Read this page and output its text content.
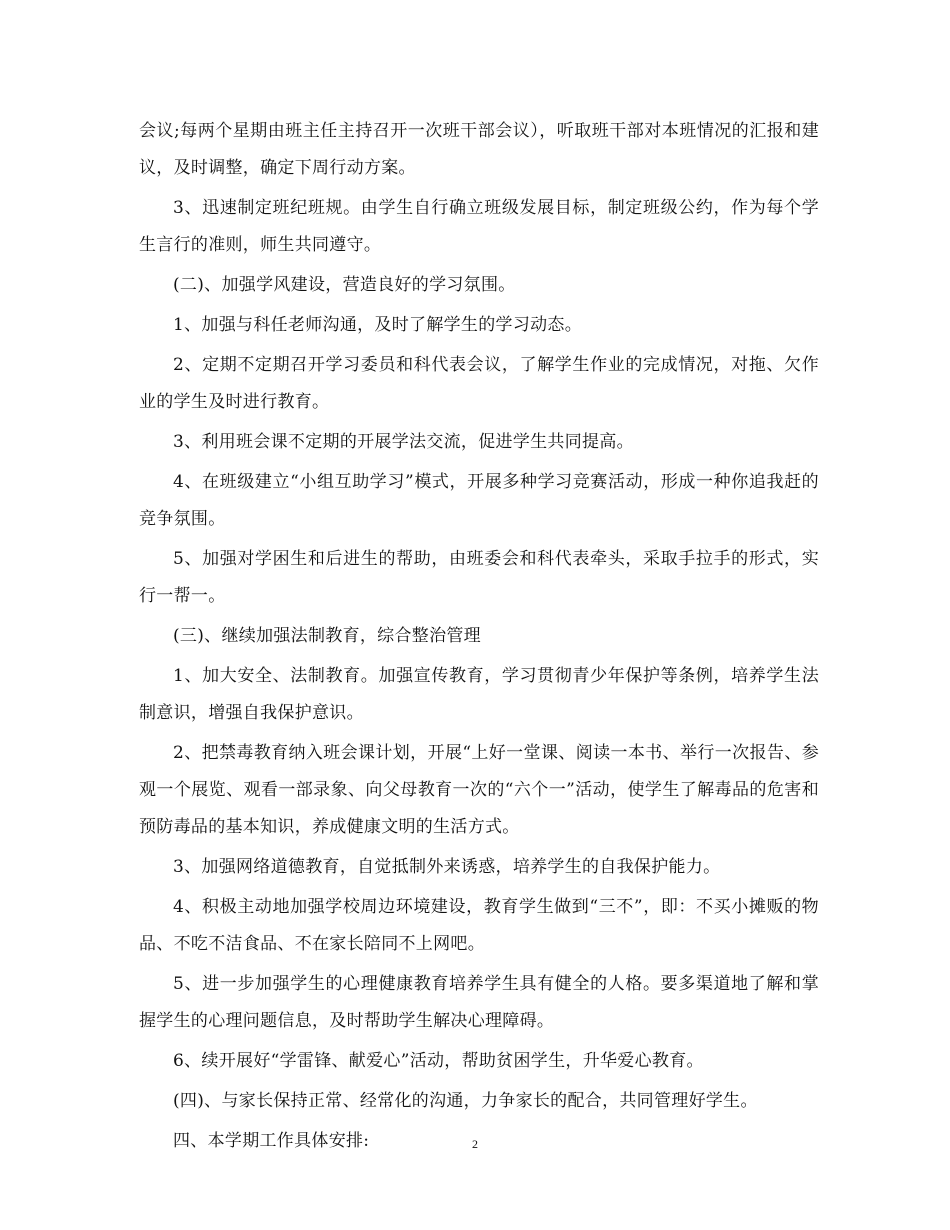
会议;每两个星期由班主任主持召开一次班干部会议），听取班干部对本班情况的汇报和建议，及时调整，确定下周行动方案。

3、迅速制定班纪班规。由学生自行确立班级发展目标，制定班级公约，作为每个学生言行的准则，师生共同遵守。

(二)、加强学风建设，营造良好的学习氛围。

1、加强与科任老师沟通，及时了解学生的学习动态。

2、定期不定期召开学习委员和科代表会议，了解学生作业的完成情况，对拖、欠作业的学生及时进行教育。

3、利用班会课不定期的开展学法交流，促进学生共同提高。

4、在班级建立“小组互助学习”模式，开展多种学习竞赛活动，形成一种你追我赶的竞争氛围。

5、加强对学困生和后进生的帮助，由班委会和科代表牵头，采取手拉手的形式，实行一帮一。

(三)、继续加强法制教育，综合整治管理

1、加大安全、法制教育。加强宣传教育，学习贯彻青少年保护等条例，培养学生法制意识，增强自我保护意识。

2、把禁毒教育纳入班会课计划，开展“上好一堂课、阅读一本书、举行一次报告、参观一个展览、观看一部录象、向父母教育一次的“六个一”活动，使学生了解毒品的危害和预防毒品的基本知识，养成健康文明的生活方式。

3、加强网络道德教育，自觉抵制外来诱惑，培养学生的自我保护能力。

4、积极主动地加强学校周边环境建设，教育学生做到“三不”，即：不买小摊贩的物品、不吃不洁食品、不在家长陪同不上网吧。

5、进一步加强学生的心理健康教育培养学生具有健全的人格。要多渠道地了解和掌握学生的心理问题信息，及时帮助学生解决心理障碍。

6、续开展好“学雷锋、献爱心”活动，帮助贫困学生，升华爱心教育。

(四)、与家长保持正常、经常化的沟通，力争家长的配合，共同管理好学生。

四、本学期工作具体安排:	2
